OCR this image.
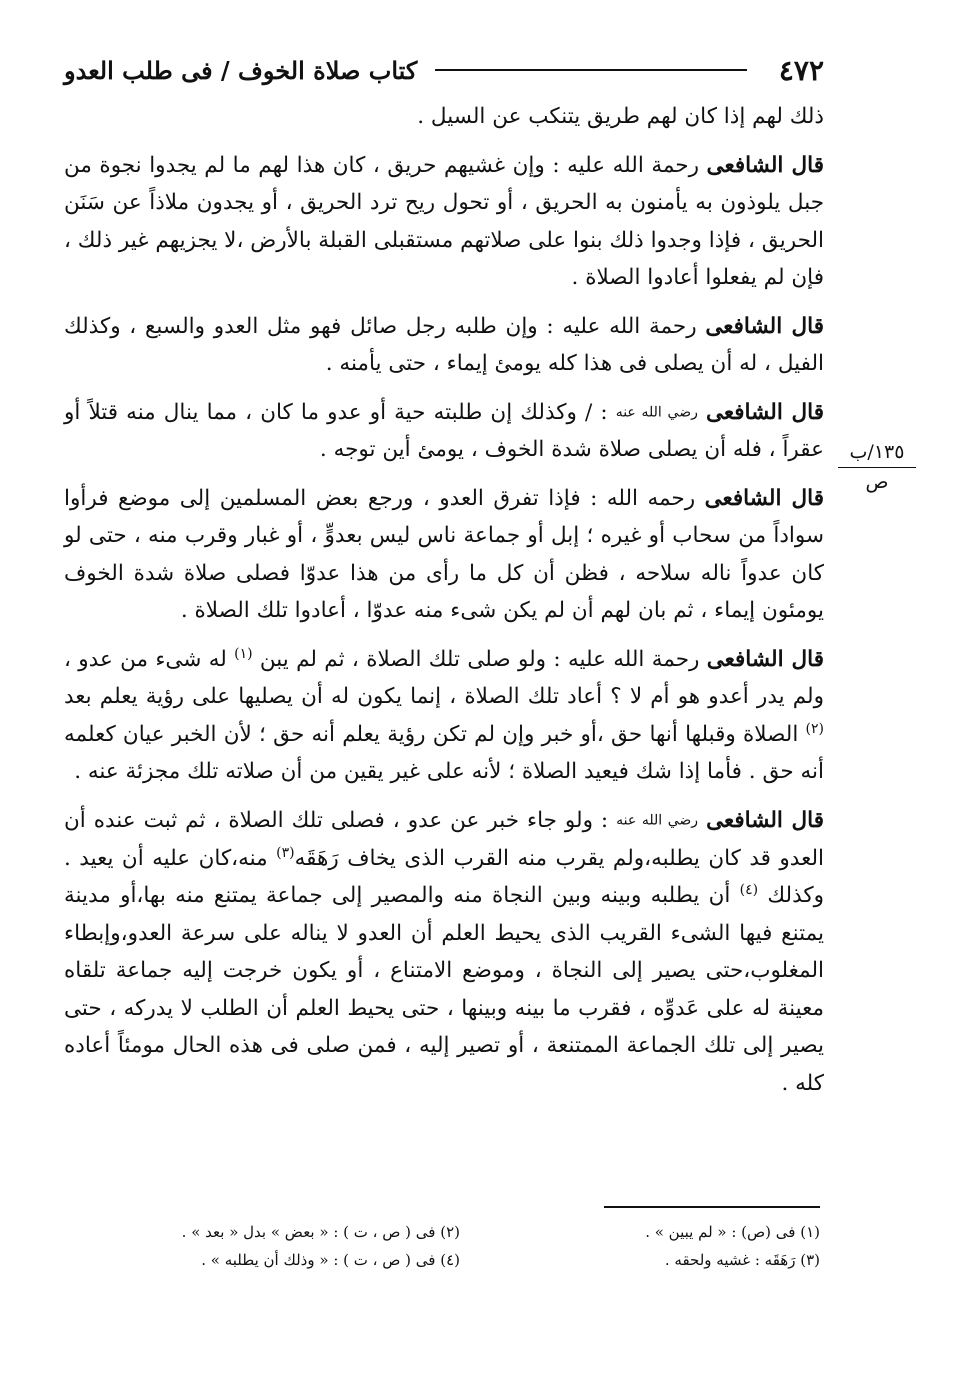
٤٧٢
كتاب صلاة الخوف / فى طلب العدو
١٣٥/ب
ص

ذلك لهم إذا كان لهم طريق يتنكب عن السيل .

قال الشافعى رحمة الله عليه : وإن غشيهم حريق ، كان هذا لهم ما لم يجدوا نجوة من جبل يلوذون به يأمنون به الحريق ، أو تحول ريح ترد الحريق ، أو يجدون ملاذاً عن سَنَن الحريق ، فإذا وجدوا ذلك بنوا على صلاتهم مستقبلى القبلة بالأرض ،لا يجزيهم غير ذلك ، فإن لم يفعلوا أعادوا الصلاة .

قال الشافعى رحمة الله عليه : وإن طلبه رجل صائل فهو مثل العدو والسبع ، وكذلك الفيل ، له أن يصلى فى هذا كله يومئ إيماء ، حتى يأمنه .

قال الشافعى رضي الله عنه : / وكذلك إن طلبته حية أو عدو ما كان ، مما ينال منه قتلاً أو عقراً ، فله أن يصلى صلاة شدة الخوف ، يومئ أين توجه .

قال الشافعى رحمه الله : فإذا تفرق العدو ، ورجع بعض المسلمين إلى موضع فرأوا سواداً من سحاب أو غيره ؛ إبل أو جماعة ناس ليس بعدوٍّ ، أو غبار وقرب منه ، حتى لو كان عدواً ناله سلاحه ، فظن أن كل ما رأى من هذا عدوّا فصلى صلاة شدة الخوف يومئون إيماء ، ثم بان لهم أن لم يكن شىء منه عدوّا ، أعادوا تلك الصلاة .

قال الشافعى رحمة الله عليه : ولو صلى تلك الصلاة ، ثم لم يبن $^{(١)}$ له شىء من عدو ، ولم يدر أعدو هو أم لا ؟ أعاد تلك الصلاة ، إنما يكون له أن يصليها على رؤية يعلم بعد $^{(٢)}$ الصلاة وقبلها أنها حق ،أو خبر وإن لم تكن رؤية يعلم أنه حق ؛ لأن الخبر عيان كعلمه أنه حق . فأما إذا شك فيعيد الصلاة ؛ لأنه على غير يقين من أن صلاته تلك مجزئة عنه .

قال الشافعى رضي الله عنه : ولو جاء خبر عن عدو ، فصلى تلك الصلاة ، ثم ثبت عنده أن العدو قد كان يطلبه،ولم يقرب منه القرب الذى يخاف رَهَقَه$^{(٣)}$ منه،كان عليه أن يعيد . وكذلك $^{(٤)}$ أن يطلبه وبينه وبين النجاة منه والمصير إلى جماعة يمتنع منه بها،أو مدينة يمتنع فيها الشىء القريب الذى يحيط العلم أن العدو لا يناله على سرعة العدو،وإبطاء المغلوب،حتى يصير إلى النجاة ، وموضع الامتناع ، أو يكون خرجت إليه جماعة تلقاه معينة له على عَدوِّه ، فقرب ما بينه وبينها ، حتى يحيط العلم أن الطلب لا يدركه ، حتى يصير إلى تلك الجماعة الممتنعة ، أو تصير إليه ، فمن صلى فى هذه الحال مومئاً أعاده كله .

(١) فى (ص) : « لم يبين » .
(٢) فى ( ص ، ت ) : « بعض » بدل « بعد » .
(٣) رَهَقَه : غشيه ولحقه .
(٤) فى ( ص ، ت ) : « وذلك أن يطلبه » .
